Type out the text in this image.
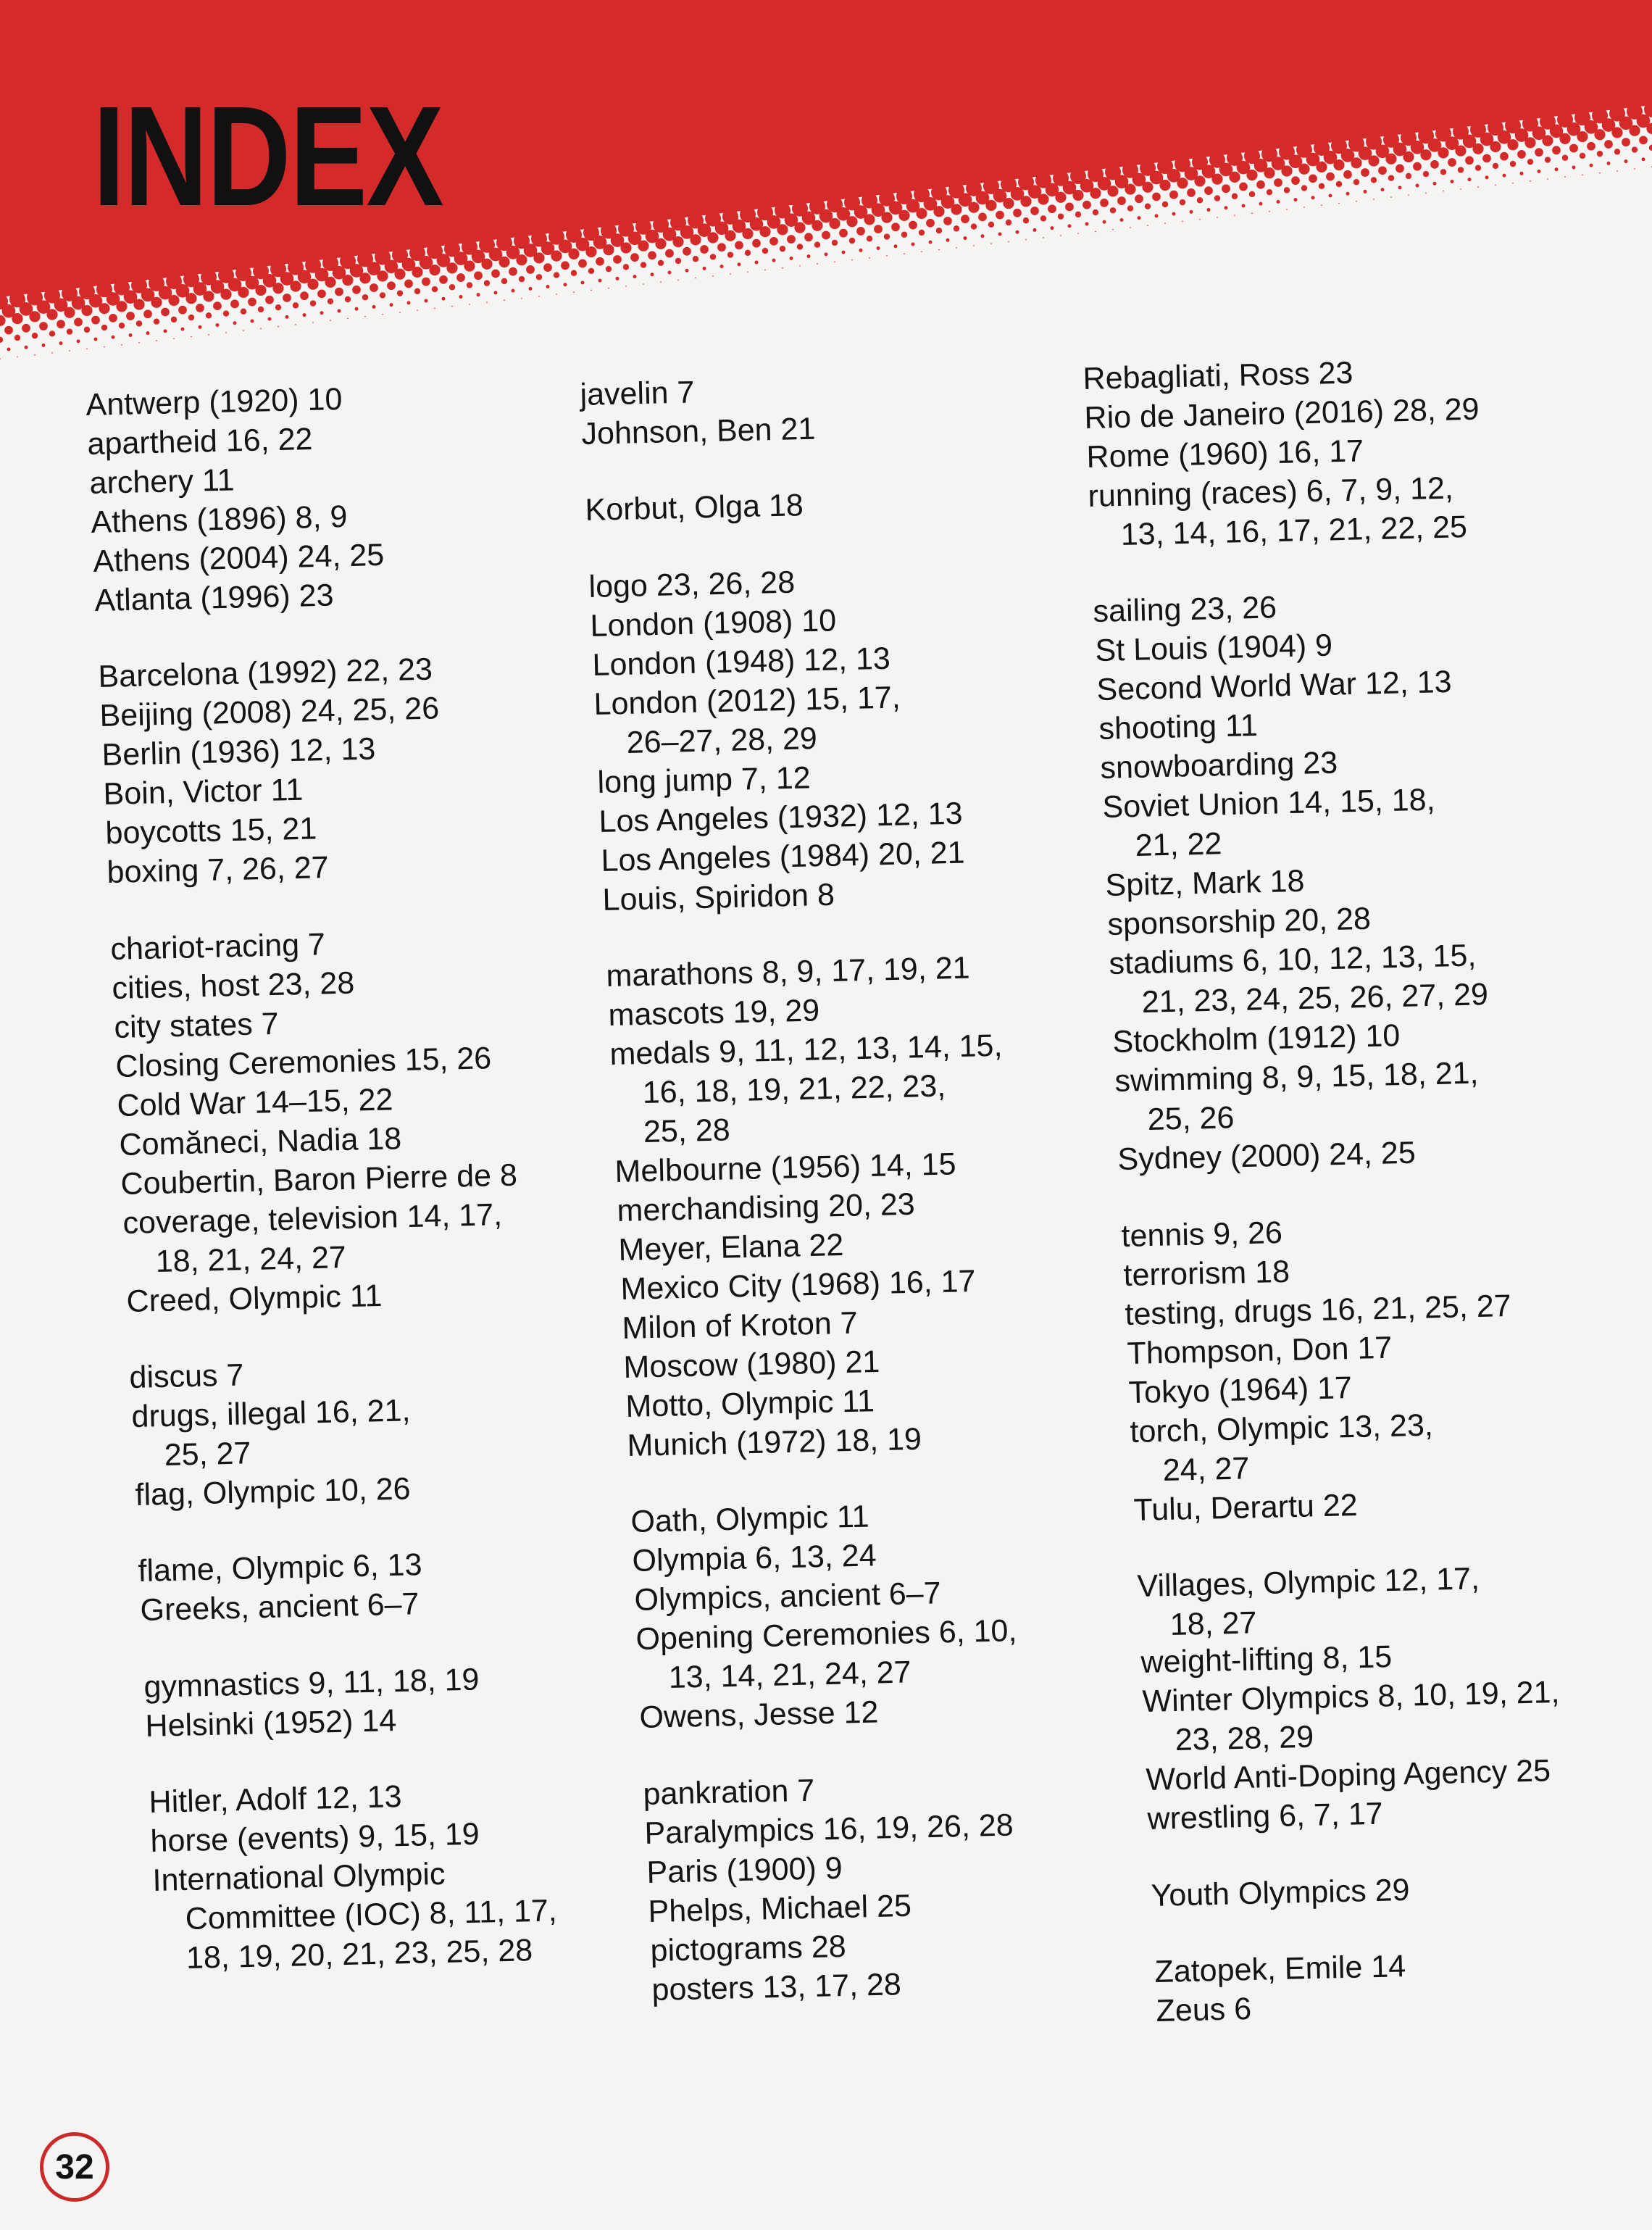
INDEX
Antwerp (1920) 10
apartheid 16, 22
archery 11
Athens (1896) 8, 9
Athens (2004) 24, 25
Atlanta (1996) 23
Barcelona (1992) 22, 23
Beijing (2008) 24, 25, 26
Berlin (1936) 12, 13
Boin, Victor 11
boycotts 15, 21
boxing 7, 26, 27
chariot-racing 7
cities, host 23, 28
city states 7
Closing Ceremonies 15, 26
Cold War 14–15, 22
Comăneci, Nadia 18
Coubertin, Baron Pierre de 8
coverage, television 14, 17,
18, 21, 24, 27
Creed, Olympic 11
discus 7
drugs, illegal 16, 21,
25, 27
flag, Olympic 10, 26
flame, Olympic 6, 13
Greeks, ancient 6–7
gymnastics 9, 11, 18, 19
Helsinki (1952) 14
Hitler, Adolf 12, 13
horse (events) 9, 15, 19
International Olympic
Committee (IOC) 8, 11, 17,
18, 19, 20, 21, 23, 25, 28
javelin 7
Johnson, Ben 21
Korbut, Olga 18
logo 23, 26, 28
London (1908) 10
London (1948) 12, 13
London (2012) 15, 17,
26–27, 28, 29
long jump 7, 12
Los Angeles (1932) 12, 13
Los Angeles (1984) 20, 21
Louis, Spiridon 8
marathons 8, 9, 17, 19, 21
mascots 19, 29
medals 9, 11, 12, 13, 14, 15,
16, 18, 19, 21, 22, 23,
25, 28
Melbourne (1956) 14, 15
merchandising 20, 23
Meyer, Elana 22
Mexico City (1968) 16, 17
Milon of Kroton 7
Moscow (1980) 21
Motto, Olympic 11
Munich (1972) 18, 19
Oath, Olympic 11
Olympia 6, 13, 24
Olympics, ancient 6–7
Opening Ceremonies 6, 10,
13, 14, 21, 24, 27
Owens, Jesse 12
pankration 7
Paralympics 16, 19, 26, 28
Paris (1900) 9
Phelps, Michael 25
pictograms 28
posters 13, 17, 28
Rebagliati, Ross 23
Rio de Janeiro (2016) 28, 29
Rome (1960) 16, 17
running (races) 6, 7, 9, 12,
13, 14, 16, 17, 21, 22, 25
sailing 23, 26
St Louis (1904) 9
Second World War 12, 13
shooting 11
snowboarding 23
Soviet Union 14, 15, 18,
21, 22
Spitz, Mark 18
sponsorship 20, 28
stadiums 6, 10, 12, 13, 15,
21, 23, 24, 25, 26, 27, 29
Stockholm (1912) 10
swimming 8, 9, 15, 18, 21,
25, 26
Sydney (2000) 24, 25
tennis 9, 26
terrorism 18
testing, drugs 16, 21, 25, 27
Thompson, Don 17
Tokyo (1964) 17
torch, Olympic 13, 23,
24, 27
Tulu, Derartu 22
Villages, Olympic 12, 17,
18, 27
weight-lifting 8, 15
Winter Olympics 8, 10, 19, 21,
23, 28, 29
World Anti-Doping Agency 25
wrestling 6, 7, 17
Youth Olympics 29
Zatopek, Emile 14
Zeus 6
32
